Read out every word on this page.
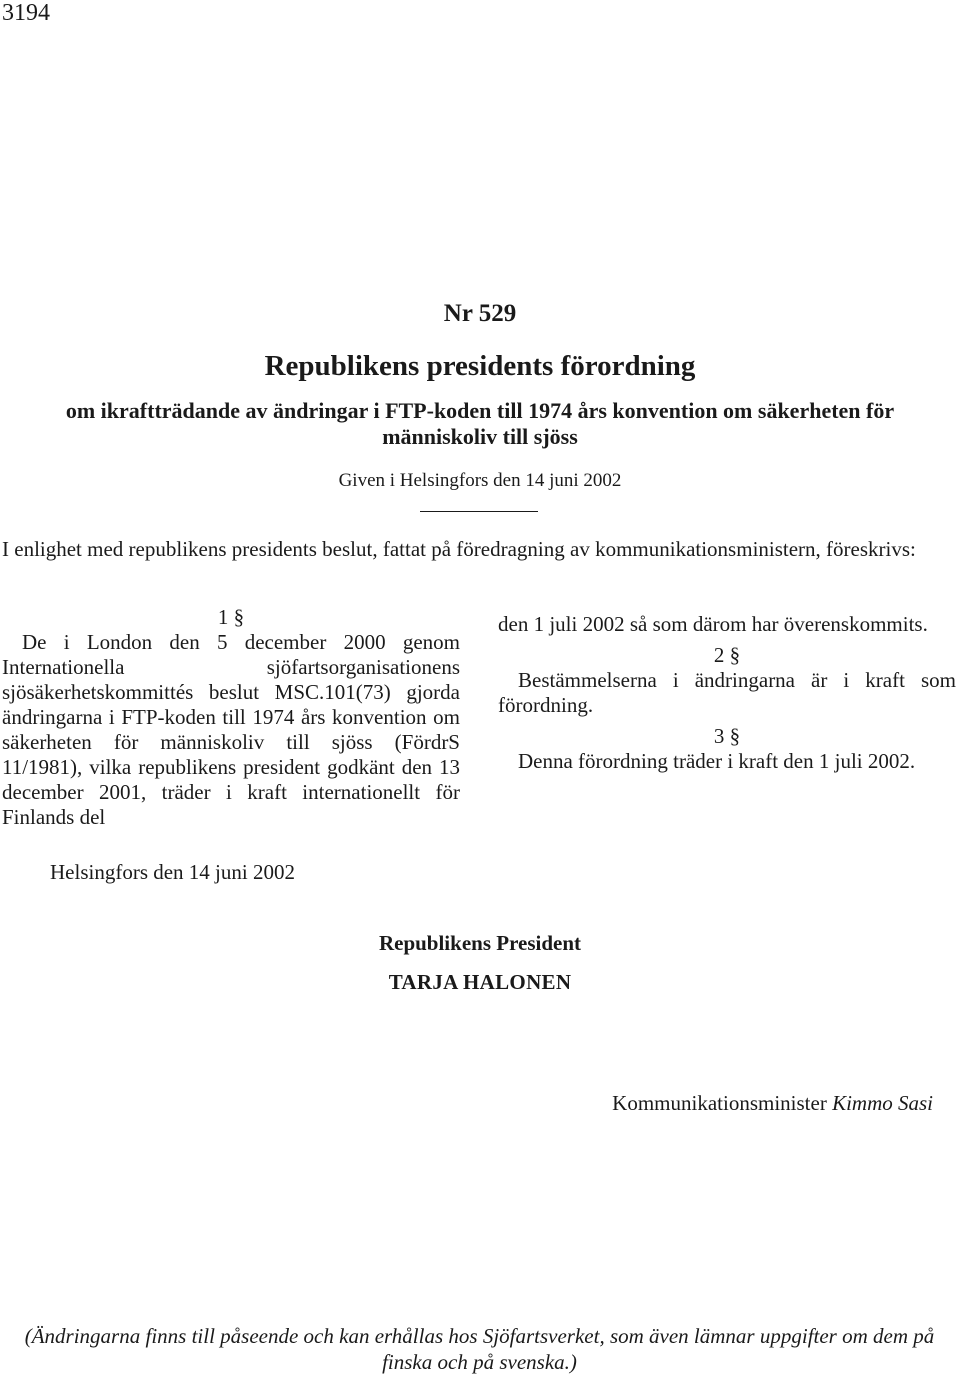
3194
Nr 529
Republikens presidents förordning
om ikraftträdande av ändringar i FTP-koden till 1974 års konvention om säkerheten för
människoliv till sjöss
Given i Helsingfors den 14 juni 2002
I enlighet med republikens presidents beslut, fattat på föredragning av kommunikationsministern, föreskrivs:
1 §
De i London den 5 december 2000 genom Internationella sjöfartsorganisationens sjösäkerhetskommittés beslut MSC.101(73) gjorda ändringarna i FTP-koden till 1974 års konvention om säkerheten för människoliv till sjöss (FördrS 11/1981), vilka republikens president godkänt den 13 december 2001, träder i kraft internationellt för Finlands del
den 1 juli 2002 så som därom har överenskommits.
2 §
Bestämmelserna i ändringarna är i kraft som förordning.
3 §
Denna förordning träder i kraft den 1 juli 2002.
Helsingfors den 14 juni 2002
Republikens President
TARJA HALONEN
Kommunikationsminister Kimmo Sasi
(Ändringarna finns till påseende och kan erhållas hos Sjöfartsverket, som även lämnar uppgifter om dem på finska och på svenska.)
